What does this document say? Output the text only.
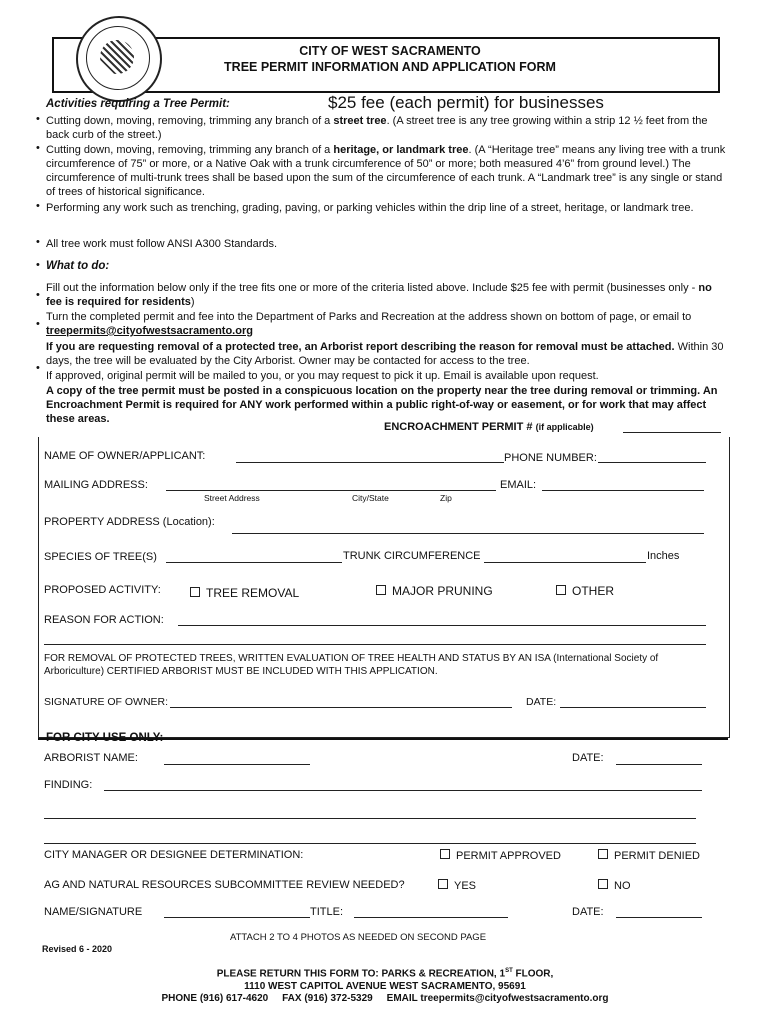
CITY OF WEST SACRAMENTO
TREE PERMIT INFORMATION AND APPLICATION FORM
Activities requiring a Tree Permit:	$25 fee (each permit) for businesses
• Cutting down, moving, removing, trimming any branch of a street tree. (A street tree is any tree growing within a strip 12 ½ feet from the back curb of the street.)
• Cutting down, moving, removing, trimming any branch of a heritage, or landmark tree. (A “Heritage tree” means any living tree with a trunk circumference of 75” or more, or a Native Oak with a trunk circumference of 50” or more; both measured 4’6” from ground level.) The circumference of multi-trunk trees shall be based upon the sum of the circumference of each trunk. A “Landmark tree” is any single or stand of trees of historical significance.
• Performing any work such as trenching, grading, paving, or parking vehicles within the drip line of a street, heritage, or landmark tree.
• All tree work must follow ANSI A300 Standards.
• What to do:
•
Fill out the information below only if the tree fits one or more of the criteria listed above. Include $25 fee with permit (businesses only - no fee is required for residents)
•
Turn the completed permit and fee into the Department of Parks and Recreation at the address shown on bottom of page, or email to treepermits@cityofwestsacramento.org
If you are requesting removal of a protected tree, an Arborist report describing the reason for removal must be attached. Within 30 days, the tree will be evaluated by the City Arborist. Owner may be contacted for access to the tree.
•
If approved, original permit will be mailed to you, or you may request to pick it up. Email is available upon request.
A copy of the tree permit must be posted in a conspicuous location on the property near the tree during removal or trimming. An Encroachment Permit is required for ANY work performed within a public right-of-way or easement, or for work that may affect these areas.
ENCROACHMENT PERMIT # (if applicable)
NAME OF OWNER/APPLICANT:	PHONE NUMBER:
MAILING ADDRESS:	EMAIL:
Street Address	City/State	Zip
PROPERTY ADDRESS (Location):
SPECIES OF TREE(S)	TRUNK CIRCUMFERENCE	Inches
PROPOSED ACTIVITY:	TREE REMOVAL	MAJOR PRUNING	OTHER
REASON FOR ACTION:
FOR REMOVAL OF PROTECTED TREES, WRITTEN EVALUATION OF TREE HEALTH AND STATUS BY AN ISA (International Society of Arboriculture) CERTIFIED ARBORIST MUST BE INCLUDED WITH THIS APPLICATION.
SIGNATURE OF OWNER:	DATE:
FOR CITY USE ONLY:
ARBORIST NAME:	DATE:
FINDING:
CITY MANAGER OR DESIGNEE DETERMINATION:	PERMIT APPROVED	PERMIT DENIED
AG AND NATURAL RESOURCES SUBCOMMITTEE REVIEW NEEDED?	YES	NO
NAME/SIGNATURE	TITLE:	DATE:
ATTACH 2 TO 4 PHOTOS AS NEEDED ON SECOND PAGE
Revised 6 - 2020
PLEASE RETURN THIS FORM TO: PARKS & RECREATION, 1ST FLOOR,
1110 WEST CAPITOL AVENUE WEST SACRAMENTO, 95691
PHONE (916) 617-4620 FAX (916) 372-5329 EMAIL treepermits@cityofwestsacramento.org
